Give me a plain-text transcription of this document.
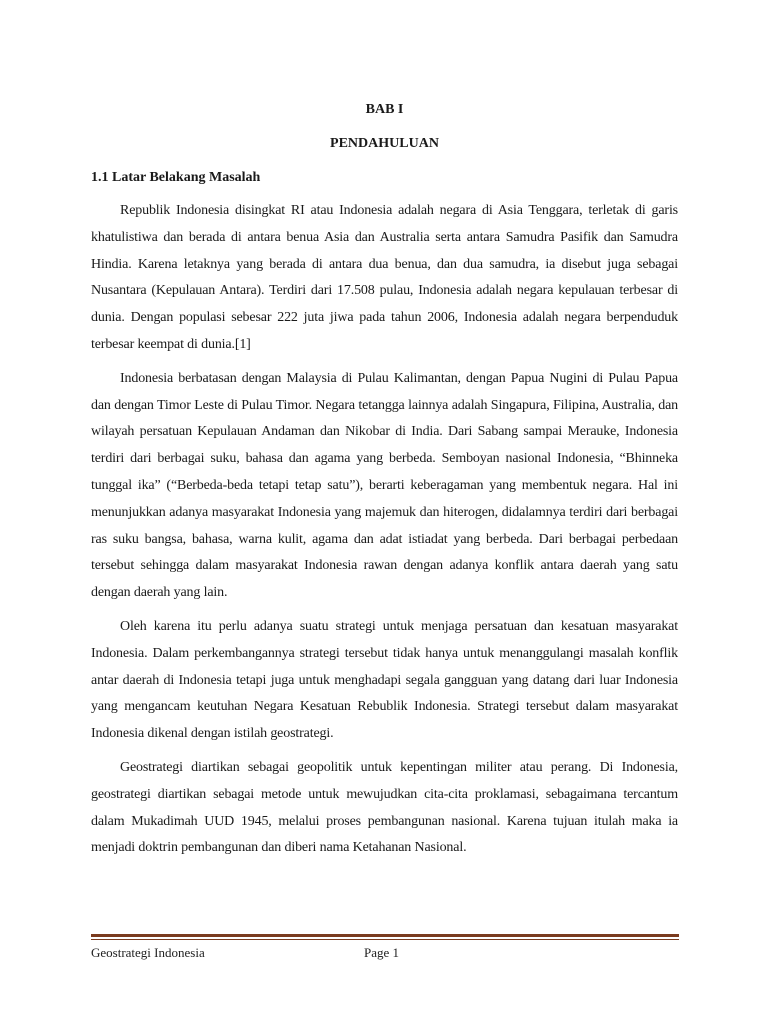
BAB I

PENDAHULUAN

1.1 Latar Belakang Masalah

Republik Indonesia disingkat RI atau Indonesia adalah negara di Asia Tenggara, terletak di garis khatulistiwa dan berada di antara benua Asia dan Australia serta antara Samudra Pasifik dan Samudra Hindia. Karena letaknya yang berada di antara dua benua, dan dua samudra, ia disebut juga sebagai Nusantara (Kepulauan Antara). Terdiri dari 17.508 pulau, Indonesia adalah negara kepulauan terbesar di dunia. Dengan populasi sebesar 222 juta jiwa pada tahun 2006, Indonesia adalah negara berpenduduk terbesar keempat di dunia.[1]

Indonesia berbatasan dengan Malaysia di Pulau Kalimantan, dengan Papua Nugini di Pulau Papua dan dengan Timor Leste di Pulau Timor. Negara tetangga lainnya adalah Singapura, Filipina, Australia, dan wilayah persatuan Kepulauan Andaman dan Nikobar di India. Dari Sabang sampai Merauke, Indonesia terdiri dari berbagai suku, bahasa dan agama yang berbeda. Semboyan nasional Indonesia, “Bhinneka tunggal ika” (“Berbeda-beda tetapi tetap satu”), berarti keberagaman yang membentuk negara. Hal ini menunjukkan adanya masyarakat Indonesia yang majemuk dan hiterogen, didalamnya terdiri dari berbagai ras suku bangsa, bahasa, warna kulit, agama dan adat istiadat yang berbeda. Dari berbagai perbedaan tersebut sehingga dalam masyarakat Indonesia rawan dengan adanya konflik antara daerah yang satu dengan daerah yang lain.

Oleh karena itu perlu adanya suatu strategi untuk menjaga persatuan dan kesatuan masyarakat Indonesia. Dalam perkembangannya strategi tersebut tidak hanya untuk menanggulangi masalah konflik antar daerah di Indonesia tetapi juga untuk menghadapi segala gangguan yang datang dari luar Indonesia yang mengancam keutuhan Negara Kesatuan Rebublik Indonesia. Strategi tersebut dalam masyarakat Indonesia dikenal dengan istilah geostrategi.

Geostrategi diartikan sebagai geopolitik untuk kepentingan militer atau perang. Di Indonesia, geostrategi diartikan sebagai metode untuk mewujudkan cita-cita proklamasi, sebagaimana tercantum dalam Mukadimah UUD 1945, melalui proses pembangunan nasional. Karena tujuan itulah maka ia menjadi doktrin pembangunan dan diberi nama Ketahanan Nasional.

Geostrategi Indonesia	Page 1
